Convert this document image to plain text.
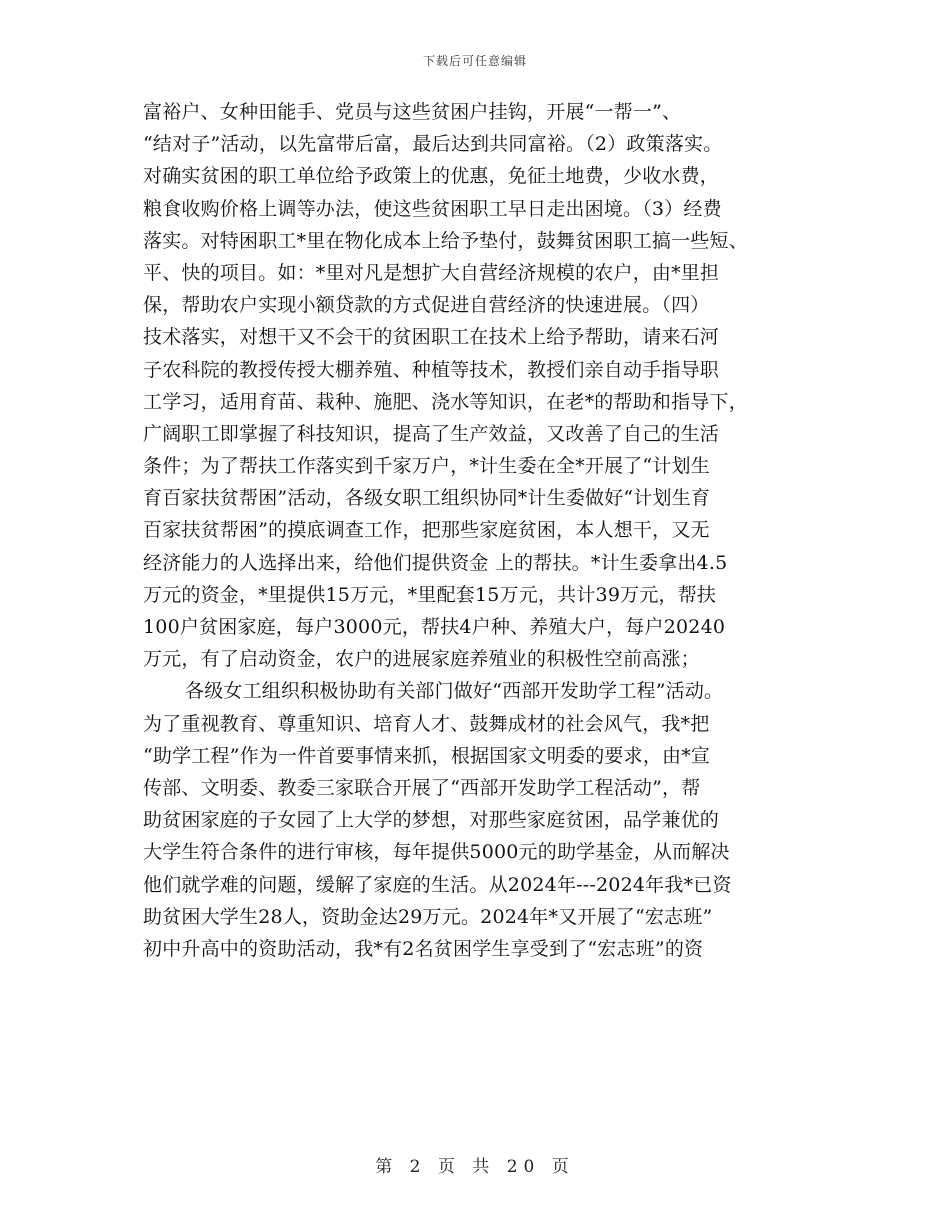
下载后可任意编辑
富裕户、女种田能手、党员与这些贫困户挂钩，开展“一帮一”、
“结对子”活动，以先富带后富，最后达到共同富裕。（2）政策落实。
对确实贫困的职工单位给予政策上的优惠，免征土地费，少收水费，
粮食收购价格上调等办法，使这些贫困职工早日走出困境。（3）经费
落实。对特困职工*里在物化成本上给予垫付，鼓舞贫困职工搞一些短、
平、快的项目。如：*里对凡是想扩大自营经济规模的农户，由*里担
保，帮助农户实现小额贷款的方式促进自营经济的快速进展。（四）
技术落实，对想干又不会干的贫困职工在技术上给予帮助，请来石河
子农科院的教授传授大棚养殖、种植等技术，教授们亲自动手指导职
工学习，适用育苗、栽种、施肥、浇水等知识，在老*的帮助和指导下，
广阔职工即掌握了科技知识，提高了生产效益，又改善了自己的生活
条件；为了帮扶工作落实到千家万户，*计生委在全*开展了“计划生
育百家扶贫帮困”活动，各级女职工组织协同*计生委做好“计划生育
百家扶贫帮困”的摸底调查工作，把那些家庭贫困，本人想干，又无
经济能力的人选择出来，给他们提供资金 上的帮扶。*计生委拿出4.5
万元的资金，*里提供15万元，*里配套15万元，共计39万元，帮扶
100户贫困家庭，每户3000元，帮扶4户种、养殖大户，每户20240
万元，有了启动资金，农户的进展家庭养殖业的积极性空前高涨；
各级女工组织积极协助有关部门做好“西部开发助学工程”活动。
为了重视教育、尊重知识、培育人才、鼓舞成材的社会风气，我*把
“助学工程”作为一件首要事情来抓，根据国家文明委的要求，由*宣
传部、文明委、教委三家联合开展了“西部开发助学工程活动”，帮
助贫困家庭的子女园了上大学的梦想，对那些家庭贫困，品学兼优的
大学生符合条件的进行审核，每年提供5000元的助学基金，从而解决
他们就学难的问题，缓解了家庭的生活。从2024年---2024年我*已资
助贫困大学生28人，资助金达29万元。2024年*又开展了“宏志班”
初中升高中的资助活动，我*有2名贫困学生享受到了“宏志班”的资
第 2 页 共 20 页
